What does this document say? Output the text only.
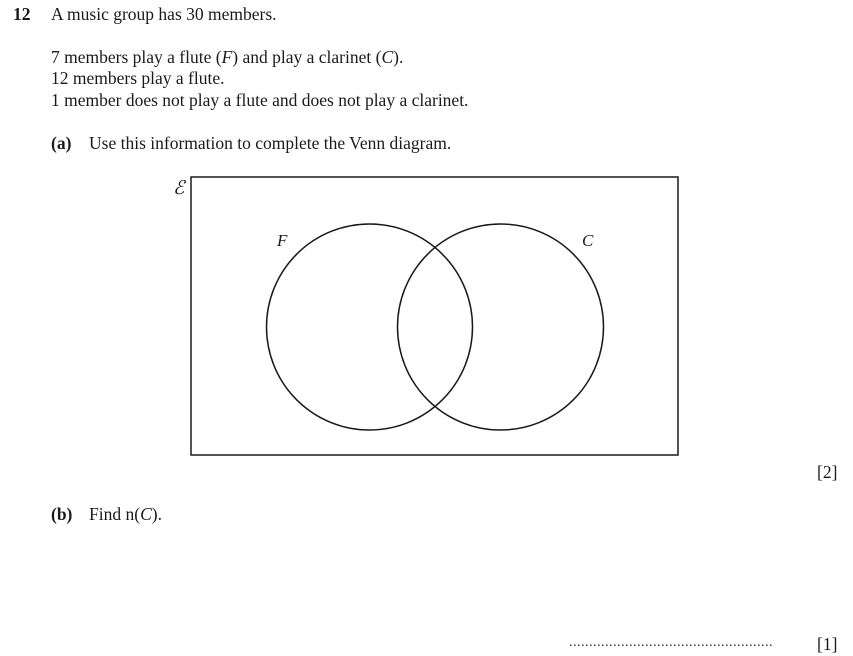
12 A music group has 30 members.
7 members play a flute (F) and play a clarinet (C).
12 members play a flute.
1 member does not play a flute and does not play a clarinet.
(a) Use this information to complete the Venn diagram.
ℰ
F	C
[2]
(b) Find n(C).
...................................................	[1]
